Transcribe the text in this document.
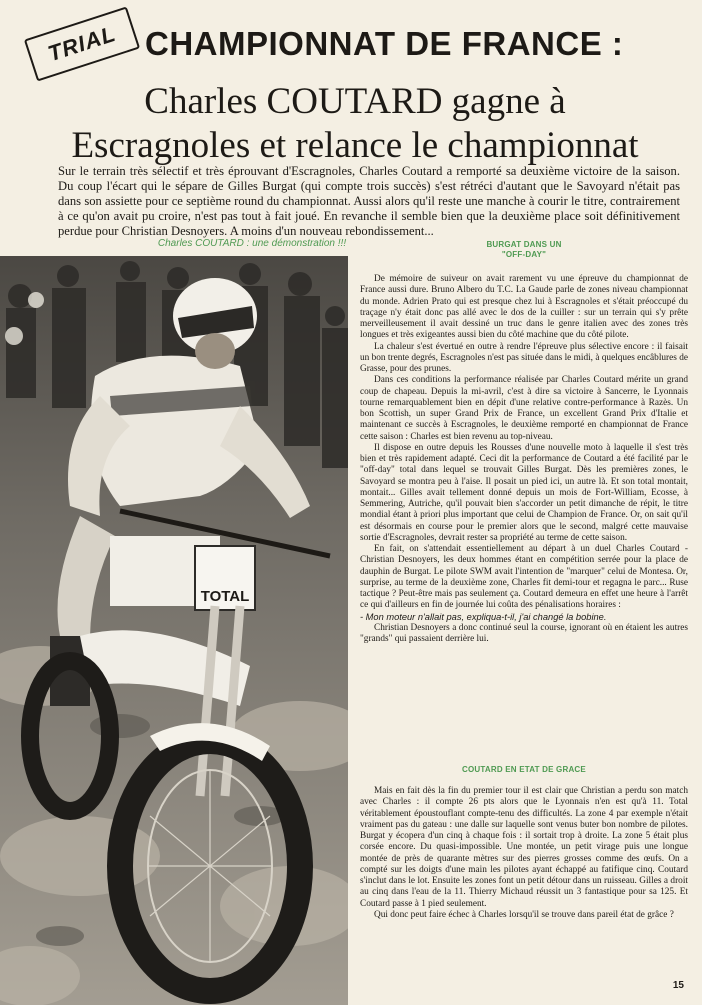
TRIAL CHAMPIONNAT DE FRANCE :
Charles COUTARD gagne à
Escragnoles et relance le championnat
Sur le terrain très sélectif et très éprouvant d'Escragnoles, Charles Coutard a remporté sa deuxième victoire de la saison. Du coup l'écart qui le sépare de Gilles Burgat (qui compte trois succès) s'est rétréci d'autant que le Savoyard n'était pas dans son assiette pour ce septième round du championnat. Aussi alors qu'il reste une manche à courir le titre, contrairement à ce qu'on avait pu croire, n'est pas tout à fait joué. En revanche il semble bien que la deuxième place soit définitivement perdue pour Christian Desnoyers. A moins d'un nouveau rebondissement...
Charles COUTARD : une démonstration !!!
TOTAL
BURGAT DANS UN
"OFF-DAY"

De mémoire de suiveur on avait rarement vu une épreuve du championnat de France aussi dure. Bruno Albero du T.C. La Gaude parle de zones niveau championnat du monde. Adrien Prato qui est presque chez lui à Escragnoles et s'était préoccupé du traçage n'y était donc pas allé avec le dos de la cuiller : sur un terrain qui s'y prête merveilleusement il avait dessiné un truc dans le genre italien avec des zones très longues et très exigeantes aussi bien du côté machine que du côté pilote.

La chaleur s'est évertué en outre à rendre l'épreuve plus sélective encore : il faisait un bon trente degrés, Escragnoles n'est pas située dans le midi, à quelques encâblures de Grasse, pour des prunes.

Dans ces conditions la performance réalisée par Charles Coutard mérite un grand coup de chapeau. Depuis la mi-avril, c'est à dire sa victoire à Sancerre, le Lyonnais tourne remarquablement bien en dépit d'une relative contre-performance à Razès. Un bon Scottish, un super Grand Prix de France, un excellent Grand Prix d'Italie et maintenant ce succès à Escragnoles, le deuxième remporté en championnat de France cette saison : Charles est bien revenu au top-niveau.

Il dispose en outre depuis les Rousses d'une nouvelle moto à laquelle il s'est très bien et très rapidement adapté. Ceci dit la performance de Coutard a été facilité par le "off-day" total dans lequel se trouvait Gilles Burgat. Dès les premières zones, le Savoyard se montra peu à l'aise. Il posait un pied ici, un autre là. Et son total montait, montait... Gilles avait tellement donné depuis un mois de Fort-William, Ecosse, à Semmering, Autriche, qu'il pouvait bien s'accorder un petit dimanche de répit, le titre mondial étant à priori plus important que celui de Champion de France. Or, on sait qu'il est désormais en course pour le premier alors que le second, malgré cette mauvaise sortie d'Escragnoles, devrait rester sa propriété au terme de cette saison.

En fait, on s'attendait essentiellement au départ à un duel Charles Coutard - Christian Desnoyers, les deux hommes étant en compétition serrée pour la place de dauphin de Burgat. Le pilote SWM avait l'intention de "marquer" celui de Montesa. Or, surprise, au terme de la deuxième zone, Charles fit demi-tour et regagna le parc... Ruse tactique ? Peut-être mais pas seulement ça. Coutard demeura en effet une heure à l'arrêt ce qui d'ailleurs en fin de journée lui coûta des pénalisations horaires :

- Mon moteur n'allait pas, expliqua-t-il, j'ai changé la bobine.

Christian Desnoyers a donc continué seul la course, ignorant où en étaient les autres "grands" qui passaient derrière lui.

COUTARD EN ETAT DE GRACE

Mais en fait dès la fin du premier tour il est clair que Christian a perdu son match avec Charles : il compte 26 pts alors que le Lyonnais n'en est qu'à 11. Total véritablement époustouflant compte-tenu des difficultés. La zone 4 par exemple n'était vraiment pas du gateau : une dalle sur laquelle sont venus buter bon nombre de pilotes. Burgat y écopera d'un cinq à chaque fois : il sortait trop à droite. La zone 5 était plus corsée encore. Du quasi-impossible. Une montée, un petit virage puis une longue montée de près de quarante mètres sur des pierres grosses comme des œufs. On a compté sur les doigts d'une main les pilotes ayant échappé au fatifique cinq. Coutard s'inclut dans le lot. Ensuite les zones font un petit détour dans un ruisseau. Gilles a droit au cinq dans l'eau de la 11. Thierry Michaud réussit un 3 fantastique pour sa 125. Et Coutard passe à 1 pied seulement.

Qui donc peut faire échec à Charles lorsqu'il se trouve dans pareil état de grâce ?

15
